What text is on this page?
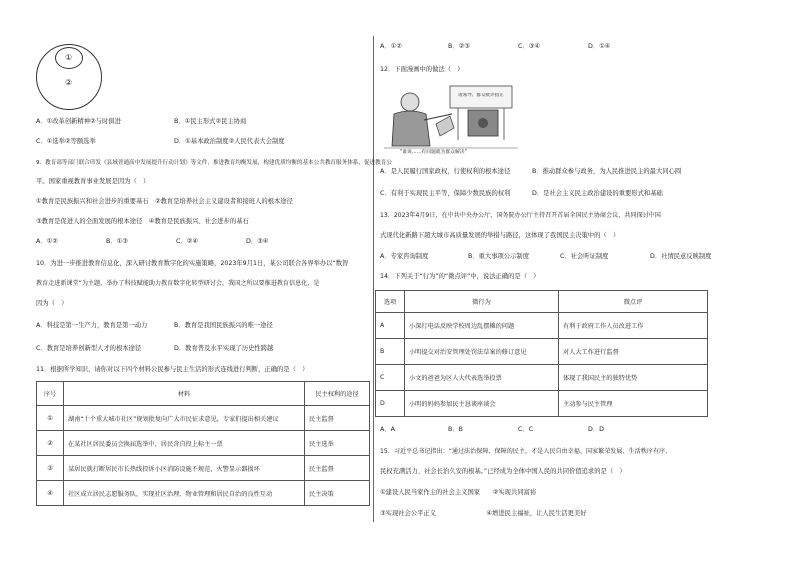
①
②
A．①改革创新精神②与时俱进	B．①民主形式②民主协商
C．①选举②等额选举	D．①基本政治制度②人民代表大会制度
9．教育部等部门联合印发《县域普通高中发展提升行动计划》等文件，推进教育均衡发展，构建优质均衡的基本公共教育服务体系，促进教育公
平。国家重视教育事业发展是因为（　）
①教育是民族振兴和社会进步的重要基石　②教育是培养社会主义建设者和接班人的根本途径
③教育是促进人的全面发展的根本途径　④教育是民族振兴、社会进步的基石
A．①②	B．①③	C．②④	D．③④
10．为进一步推进教育信息化，深入研讨教育数字化的实施策略，2023年9月1日，某公司联合各界举办以“数智
教育走进新课堂”为主题，举办了科技赋能助力教育数字化转型研讨会。我国之所以要推进教育信息化，是
因为（　）
A．科技是第一生产力，教育是第一动力	B．教育是我国民族振兴的唯一途径
C．教育是培养创新型人才的根本途径	D．教育普及水平实现了历史性跨越
11．根据所学知识，请你对以下四个材料公民参与民主生活的形式连线进行判断，正确的是（　）
序号	材料	民主权利的途径
①	湖南“十个重大城市社区”规划批复向广大市民征求意见，专家们提出相关建议	民主监督
②	在某社区居民委员会换届选举中，居民含自投上标主一票	民主选举
③	某居民就打断居民市长热线投诉小区消防设施不规范，火警显示器损坏	民主监督
④	社区成立居民志愿服务队，实现社区治理、物业管理和居民自治的良性互动	民主决策
A．①②	B．②③	C．③④	D．①④
12．下面漫画中的做法（　）
请领导、群众批评指正
"谁说……有问题就为群众解决"
A．是人民履行国家政权，行使权利的根本途径	B．推动群众参与政务，为人民推进民主的最大同心圆
C．有利于实现民主平等，保障少数民族的权利	D．是社会主义民主政治建设的重要形式和基础
13．2023年4月9日，在中共中央办公厅、国务院办公厅主持召开首届全国民主协商会议，共同探讨中国
式现代化新路下超大城市高质量发展的举措与路径，这体现了我国民主决策中的（　）
A．专家咨询制度	B．重大事项公示制度	C．社会听证制度	D．社情民意反映制度
14．下列关于“行为”的“微点评”中，说法正确的是（　）
选项	微行为	微点评
A	小深打电话反映学校周边乱摆摊的问题	有利于政府工作人员改进工作
B	小明提交对治安管理处罚法草案的修订意见	对人大工作进行监督
C	小文的爸爸为区人大代表选举投票	体现了我国民主的独特优势
D	小明的妈妈参加民主恳谈座谈会	主动参与民主管理
A．A	B．B	C．C	D．D
15．习近平总书记指出：“通过法治保障、保障的民主，才是人民自由幸福、国家繁荣发展、生活秩序有序、
民权充满活力、社会长治久安的根基。”已经成为全体中国人民的共同价值追求的是（　）
①建设人民当家作主的社会主义国家　　②实现共同富裕
③实现社会公平正义　　　　　　　　④增进民主福祉，让人民生活更美好
